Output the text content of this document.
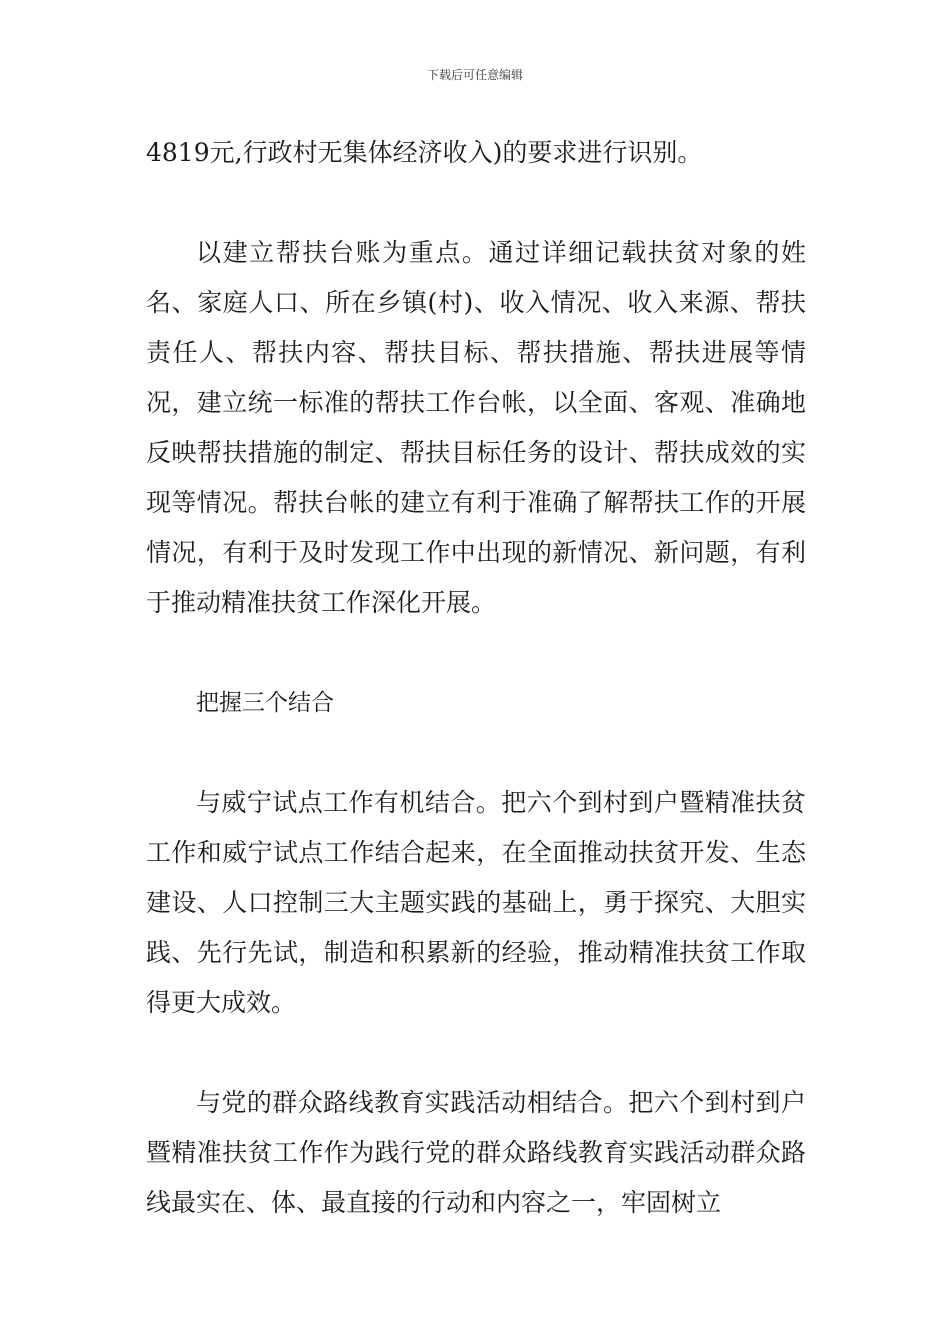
下载后可任意编辑

4819元,行政村无集体经济收入)的要求进行识别。

以建立帮扶台账为重点。通过详细记载扶贫对象的姓名、家庭人口、所在乡镇(村)、收入情况、收入来源、帮扶责任人、帮扶内容、帮扶目标、帮扶措施、帮扶进展等情况，建立统一标准的帮扶工作台帐，以全面、客观、准确地反映帮扶措施的制定、帮扶目标任务的设计、帮扶成效的实现等情况。帮扶台帐的建立有利于准确了解帮扶工作的开展情况，有利于及时发现工作中出现的新情况、新问题，有利于推动精准扶贫工作深化开展。

把握三个结合

与威宁试点工作有机结合。把六个到村到户暨精准扶贫工作和威宁试点工作结合起来，在全面推动扶贫开发、生态建设、人口控制三大主题实践的基础上，勇于探究、大胆实践、先行先试，制造和积累新的经验，推动精准扶贫工作取得更大成效。

与党的群众路线教育实践活动相结合。把六个到村到户暨精准扶贫工作作为践行党的群众路线教育实践活动群众路线最实在、体、最直接的行动和内容之一，牢固树立
